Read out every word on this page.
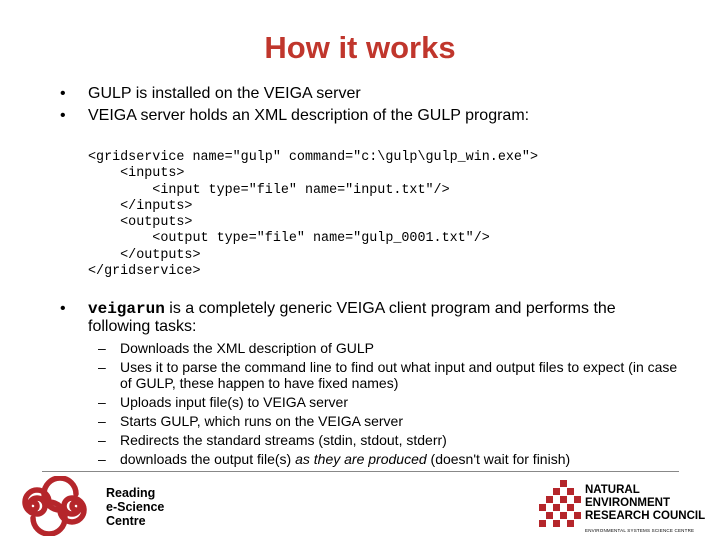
How it works
• GULP is installed on the VEIGA server
• VEIGA server holds an XML description of the GULP program:
<gridservice name="gulp" command="c:\gulp\gulp_win.exe">
<inputs>
<input type="file" name="input.txt"/>
</inputs>
<outputs>
<output type="file" name="gulp_0001.txt"/>
</outputs>
</gridservice>
• veigarun is a completely generic VEIGA client program and performs the following tasks:
– Downloads the XML description of GULP
– Uses it to parse the command line to find out what input and output files to expect (in case of GULP, these happen to have fixed names)
– Uploads input file(s) to VEIGA server
– Starts GULP, which runs on the VEIGA server
– Redirects the standard streams (stdin, stdout, stderr)
– downloads the output file(s) as they are produced (doesn't wait for finish)
Reading
e-Science
Centre
NATURAL
ENVIRONMENT
RESEARCH COUNCIL
ENVIRONMENTAL SYSTEMS SCIENCE CENTRE
